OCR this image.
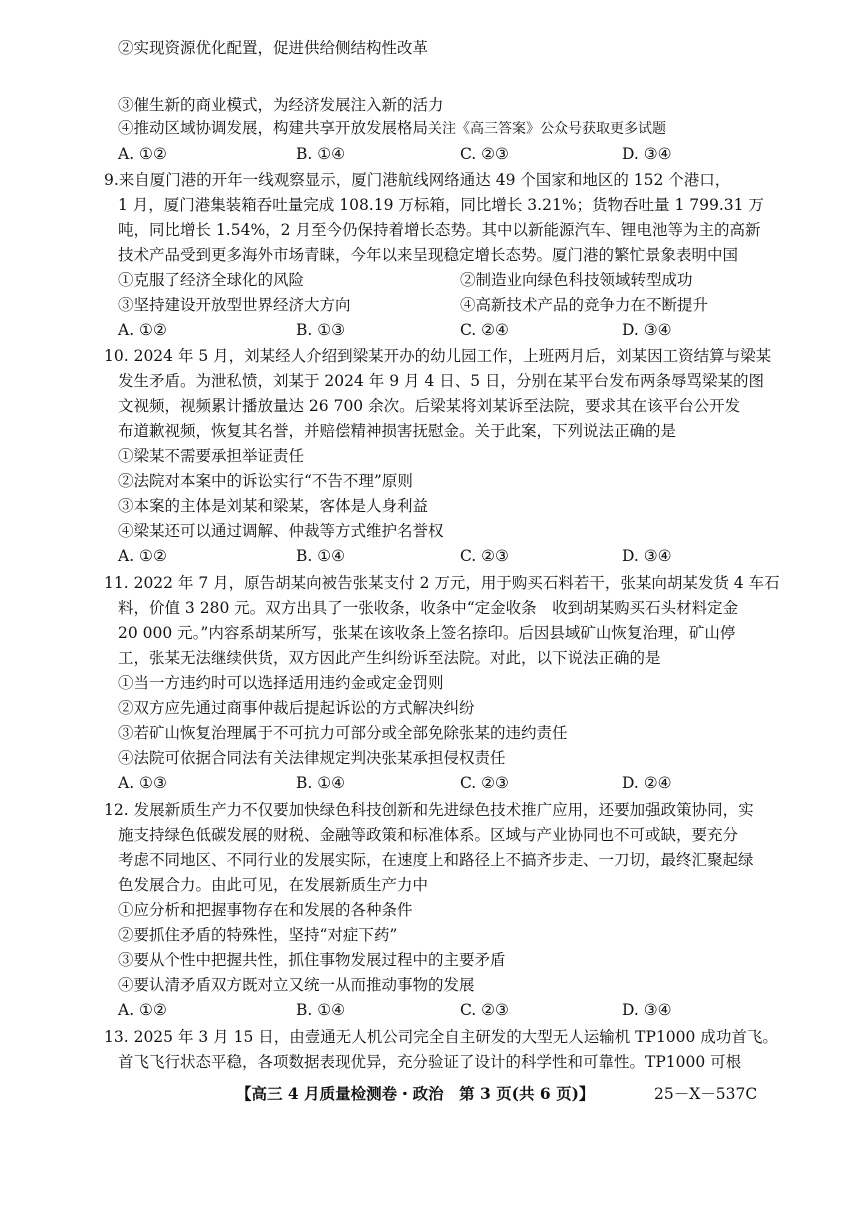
②实现资源优化配置，促进供给侧结构性改革
③催生新的商业模式，为经济发展注入新的活力
④推动区域协调发展，构建共享开放发展格局关注《高三答案》公众号获取更多试题
A. ①②	B. ①④	C. ②③	D. ③④
9.来自厦门港的开年一线观察显示，厦门港航线网络通达 49 个国家和地区的 152 个港口，
1 月，厦门港集装箱吞吐量完成 108.19 万标箱，同比增长 3.21%；货物吞吐量 1 799.31 万
吨，同比增长 1.54%，2 月至今仍保持着增长态势。其中以新能源汽车、锂电池等为主的高新
技术产品受到更多海外市场青睐，今年以来呈现稳定增长态势。厦门港的繁忙景象表明中国
①克服了经济全球化的风险	②制造业向绿色科技领域转型成功
③坚持建设开放型世界经济大方向	④高新技术产品的竞争力在不断提升
A. ①②	B. ①③	C. ②④	D. ③④
10. 2024 年 5 月，刘某经人介绍到梁某开办的幼儿园工作，上班两月后，刘某因工资结算与梁某
发生矛盾。为泄私愤，刘某于 2024 年 9 月 4 日、5 日，分别在某平台发布两条辱骂梁某的图
文视频，视频累计播放量达 26 700 余次。后梁某将刘某诉至法院，要求其在该平台公开发
布道歉视频，恢复其名誉，并赔偿精神损害抚慰金。关于此案，下列说法正确的是
①梁某不需要承担举证责任
②法院对本案中的诉讼实行“不告不理”原则
③本案的主体是刘某和梁某，客体是人身利益
④梁某还可以通过调解、仲裁等方式维护名誉权
A. ①②	B. ①④	C. ②③	D. ③④
11. 2022 年 7 月，原告胡某向被告张某支付 2 万元，用于购买石料若干，张某向胡某发货 4 车石
料，价值 3 280 元。双方出具了一张收条，收条中“定金收条　收到胡某购买石头材料定金
20 000 元。”内容系胡某所写，张某在该收条上签名捺印。后因县域矿山恢复治理，矿山停
工，张某无法继续供货，双方因此产生纠纷诉至法院。对此，以下说法正确的是
①当一方违约时可以选择适用违约金或定金罚则
②双方应先通过商事仲裁后提起诉讼的方式解决纠纷
③若矿山恢复治理属于不可抗力可部分或全部免除张某的违约责任
④法院可依据合同法有关法律规定判决张某承担侵权责任
A. ①③	B. ①④	C. ②③	D. ②④
12. 发展新质生产力不仅要加快绿色科技创新和先进绿色技术推广应用，还要加强政策协同，实
施支持绿色低碳发展的财税、金融等政策和标准体系。区域与产业协同也不可或缺，要充分
考虑不同地区、不同行业的发展实际，在速度上和路径上不搞齐步走、一刀切，最终汇聚起绿
色发展合力。由此可见，在发展新质生产力中
①应分析和把握事物存在和发展的各种条件
②要抓住矛盾的特殊性，坚持“对症下药”
③要从个性中把握共性，抓住事物发展过程中的主要矛盾
④要认清矛盾双方既对立又统一从而推动事物的发展
A. ①②	B. ①④	C. ②③	D. ③④
13. 2025 年 3 月 15 日，由壹通无人机公司完全自主研发的大型无人运输机 TP1000 成功首飞。
首飞飞行状态平稳，各项数据表现优异，充分验证了设计的科学性和可靠性。TP1000 可根
【高三 4 月质量检测卷・政治　第 3 页(共 6 页)】	25－X－537C
